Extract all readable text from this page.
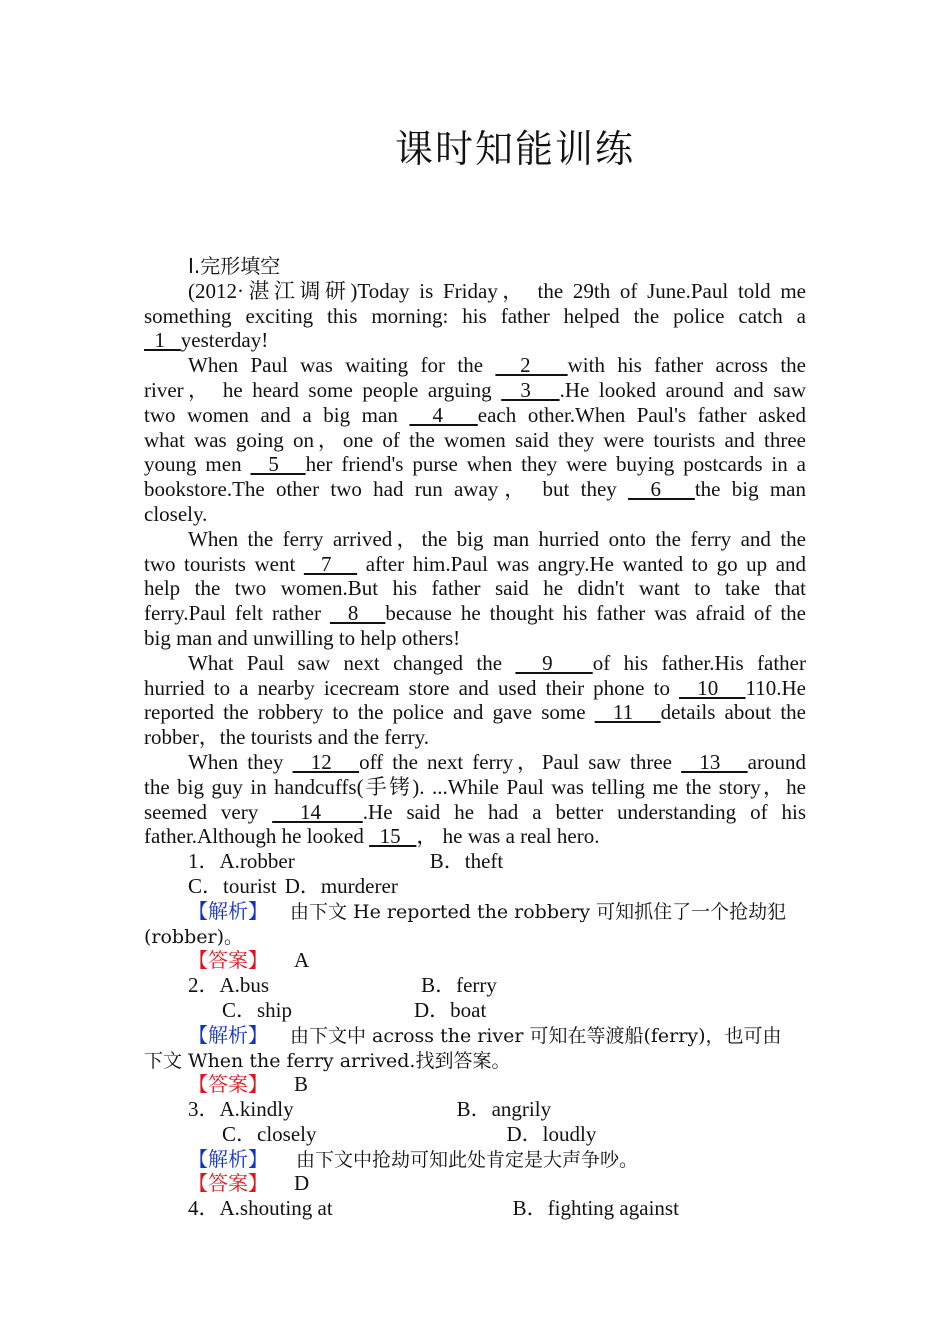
课时知能训练
Ⅰ.完形填空
(2012·湛江调研)Today is Friday， the 29th of June.Paul told me
something exciting this morning: his father helped the police catch a
1   yesterday!
When Paul was waiting for the   2   with his father across the
river， he heard some people arguing   3   .He looked around and saw
two women and a big man   4   each other.When Paul's father asked
what was going on，one of the women said they were tourists and three
young men   5   her friend's purse when they were buying postcards in a
bookstore.The other two had run away， but they   6   the big man
closely.
When the ferry arrived，the big man hurried onto the ferry and the
two tourists went   7    after him.Paul was angry.He wanted to go up and
help the two women.But his father said he didn't want to take that
ferry.Paul felt rather   8   because he thought his father was afraid of the
big man and unwilling to help others!
What Paul saw next changed the   9   of his father.His father
hurried to a nearby icecream store and used their phone to   10   110.He
reported the robbery to the police and gave some   11   details about the
robber，the tourists and the ferry.
When they   12   off the next ferry，Paul saw three   13   around
the big guy in handcuffs(手铐). ...While Paul was telling me the story，he
seemed very   14   .He said he had a better understanding of his
father.Although he looked   15   ， he was a real hero.
1．A.robber	B．theft
C．tourist D．murderer
【解析】 由下文 He reported the robbery 可知抓住了一个抢劫犯
(robber)。
【答案】 A
2．A.bus	B．ferry
C．ship	D．boat
【解析】 由下文中 across the river 可知在等渡船(ferry)，也可由
下文 When the ferry arrived.找到答案。
【答案】 B
3．A.kindly	B．angrily
C．closely	D．loudly
【解析】 由下文中抢劫可知此处肯定是大声争吵。
【答案】 D
4．A.shouting at	B．fighting against
